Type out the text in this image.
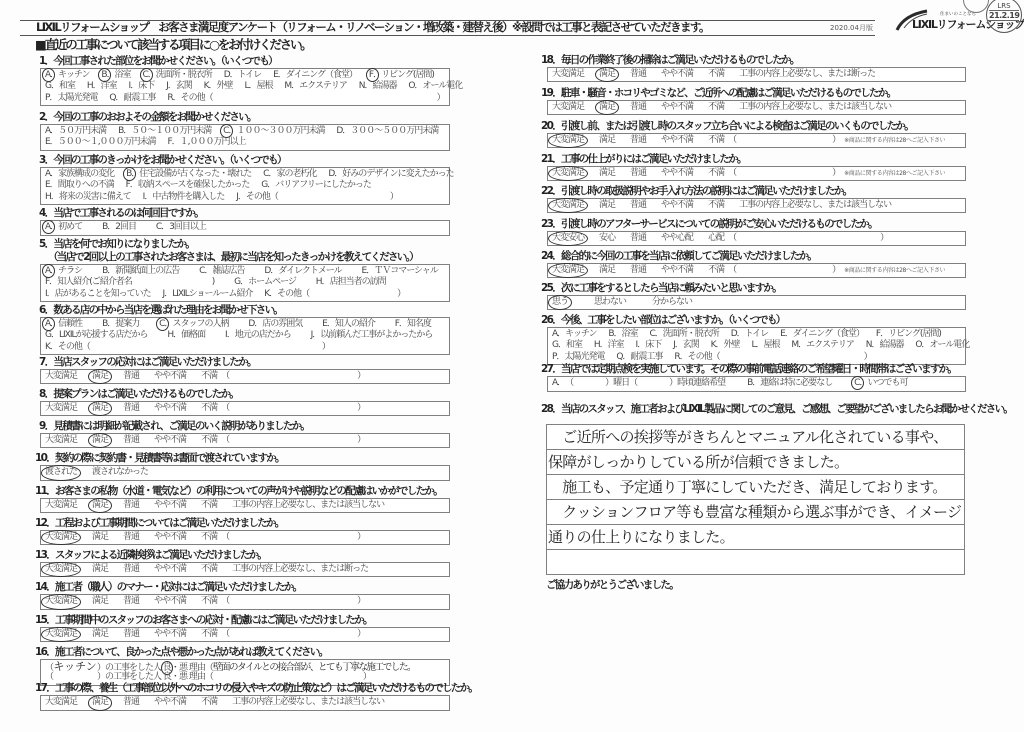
LIXILリフォームショップ　お客さま満足度アンケート（リフォーム・リノベーション・増改築・建替え後）※設問では工事と表記させていただきます。	2020.04月版
住まいのことなら
LIXILリフォームショップ
LRS
21.2.19
■直近の工事について該当する項目に○をお付けください。
1．今回工事された部位をお聞かせください。（いくつでも）
A．キッチン B．浴室 C．洗面所・脱衣所 D．トイレ E．ダイニング（食堂） F．リビング(居間)
G．和室 H．洋室 I．床下 J．玄関 K．外壁 L．屋根 M．エクステリア N．給湯器 O．オール電化
P．太陽光発電 Q．耐震工事 R．その他（　　　　　　　　　　　　　　　　　　　　　　　　　　　　）
2．今回の工事のおおよその金額をお聞かせください。
A．５０万円未満 B．５０～１００万円未満 C．１００～３００万円未満 D．３００～５００万円未満
E．５００～１,０００万円未満 F．１,０００万円以上
3．今回の工事のきっかけをお聞かせください。（いくつでも）
A．家族構成の変化 B．住宅設備が古くなった・壊れた C．家の老朽化 D．好みのデザインに変えたかった
E．間取りへの不満 F．収納スペースを確保したかった G．バリアフリーにしたかった
H．将来の災害に備えて I．中古物件を購入した J．その他（　　　　　　　　　　　　　　）
4．当店で工事されるのは何回目ですか。
A．初めて B．2回目 C．3回目以上
5．当店を何でお知りになりましたか。
（当店で2回以上の工事されたお客さまは、最初に当店を知ったきっかけを教えてください。）
A．チラシ B．新聞紙面上の広告 C．雑誌広告 D．ダイレクトメール E．ＴＶコマーシャル
F．知人紹介(ご紹介者名　　　　　　　　　　) G．ホームページ H．店担当者の訪問
I．店があることを知っていた J．LIXILショールーム紹介 K．その他（　　　　　　　　　　　）
6．数ある店の中から当店を選ばれた理由をお聞かせ下さい。
A．信頼性 B．提案力 C．スタッフの人柄 D．店の雰囲気 E．知人の紹介 F．知名度
G．LIXILが応援する店だから H．価格面 I．地元の店だから J．以前頼んだ工事がよかったから
K．その他（　　　　　　　　　　　　　　　　　　　　　　　　　　　　　）
7．当店スタッフの応対にはご満足いただけましたか。
大変満足 満足 普通 やや不満 不満 （　　　　　　　　　　　　　　　　）
8．提案プランはご満足いただけるものでしたか。
大変満足 満足 普通 やや不満 不満 （　　　　　　　　　　　　　　　　）
9．見積書には明細が記載され、ご満足のいく説明がありましたか。
大変満足 満足 普通 やや不満 不満 （　　　　　　　　　　　　　　　　）
10．契約の際に契約書・見積書等は書面で渡されていますか。
渡された 渡されなかった
11．お客さまの私物（水道・電気など）の利用についての声がけや説明などの配慮はいかがでしたか。
大変満足 満足 普通 やや不満 不満 工事の内容上必要なし、または該当しない
12．工程および工事期間についてはご満足いただけましたか。
大変満足 満足 普通 やや不満 不満 （　　　　　　　　　　　　　　　　）
13．スタッフによる近隣挨拶はご満足いただけましたか。
大変満足 満足 普通 やや不満 不満 工事の内容上必要なし、または断った
14．施工者（職人）のマナー・応対にはご満足いただけましたか。
大変満足 満足 普通 やや不満 不満 （　　　　　　　　　　　　　　　　）
15．工事期間中のスタッフのお客さまへの応対・配慮にはご満足いただけましたか。
大変満足 満足 普通 やや不満 不満 （　　　　　　　　　　　　　　　　）
16．施工者について、良かった点や悪かった点があれば教えてください。
（キッチン）の工事をした人 良・悪 理由（壁面のタイルとの接合部が、とても丁寧な施工でした。
（	）の工事をした人 良・悪 理由（	）
17．工事の際、養生（工事部位以外へのホコリの侵入やキズの防止策など）はご満足いただけるものでしたか。
大変満足 満足 普通 やや不満 不満 工事の内容上必要なし、または該当しない
18．毎日の作業終了後の掃除はご満足いただけるものでしたか。
大変満足 満足 普通 やや不満 不満 工事の内容上必要なし、または断った
19．駐車・騒音・ホコリやゴミなど、ご近所への配慮はご満足いただけるものでしたか。
大変満足 満足 普通 やや不満 不満 工事の内容上必要なし、または該当しない
20．引渡し前、または引渡し時のスタッフ立ち合いによる検査はご満足のいくものでしたか。
大変満足 満足 普通 やや不満 不満 （　　　　　　　　　　　　） ※商品に関する内容は28へご記入下さい
21．工事の仕上がりにはご満足いただけましたか。
大変満足 満足 普通 やや不満 不満 （　　　　　　　　　　　　） ※商品に関する内容は28へご記入下さい
22．引渡し時の取扱説明やお手入れ方法の説明にはご満足いただけましたか。
大変満足 満足 普通 やや不満 不満 工事の内容上必要なし、または該当しない
23．引渡し時のアフターサービスについての説明がご安心いただけるものでしたか。
大変安心 安心 普通 やや心配 心配 （　　　　　　　　　　　　　　　　　　）
24．総合的に今回の工事を当店に依頼してご満足いただけましたか。
大変満足 満足 普通 やや不満 不満 （　　　　　　　　　　　　） ※商品に関する内容は28へご記入下さい
25．次に工事をするとしたら当店に頼みたいと思いますか。
思う	思わない	分からない
26．今後、工事をしたい部位はございますか。（いくつでも）
A．キッチン B．浴室 C．洗面所・脱衣所 D．トイレ E．ダイニング（食堂） F．リビング(居間)
G．和室 H．洋室 I．床下 J．玄関 K．外壁 L．屋根 M．エクステリア N．給湯器 O．オール電化
P．太陽光発電 Q．耐震工事 R．その他（　　　　　　　　　　　　　　　　　　）
27．当店では定期点検を実施しています。その際の事前電話連絡のご希望曜日・時間帯はございますか。
A．（　　　　）曜日（　　　　）時頃連絡希望 B．連絡は特に必要なし C．いつでも可
28．当店のスタッフ、施工者およびLIXIL製品に関してのご意見、ご感想、ご要望がございましたらお聞かせください。
　ご近所への挨拶等がきちんとマニュアル化されている事や、
保障がしっかりしている所が信頼できました。
　施工も、予定通り丁寧にしていただき、満足しております。
　クッションフロア等も豊富な種類から選ぶ事ができ、イメージ
通りの仕上りになりました。
ご協力ありがとうございました。
